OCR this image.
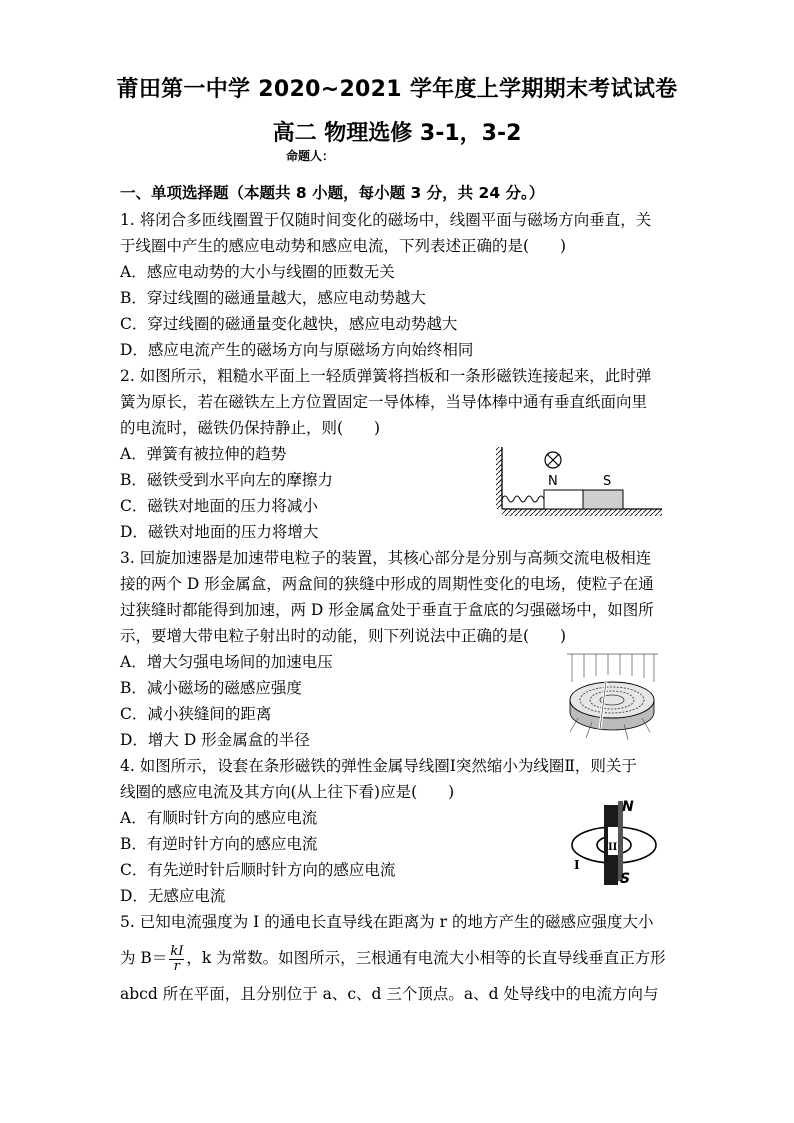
莆田第一中学 2020~2021 学年度上学期期末考试试卷
高二 物理选修 3-1，3-2
命题人：
一、单项选择题（本题共 8 小题，每小题 3 分，共 24 分。）
1. 将闭合多匝线圈置于仅随时间变化的磁场中，线圈平面与磁场方向垂直，关
于线圈中产生的感应电动势和感应电流，下列表述正确的是(　　)
A．感应电动势的大小与线圈的匝数无关
B．穿过线圈的磁通量越大，感应电动势越大
C．穿过线圈的磁通量变化越快，感应电动势越大
D．感应电流产生的磁场方向与原磁场方向始终相同
2. 如图所示，粗糙水平面上一轻质弹簧将挡板和一条形磁铁连接起来，此时弹
簧为原长，若在磁铁左上方位置固定一导体棒，当导体棒中通有垂直纸面向里
的电流时，磁铁仍保持静止，则(　　)
A．弹簧有被拉伸的趋势
B．磁铁受到水平向左的摩擦力
C．磁铁对地面的压力将减小
D．磁铁对地面的压力将增大
N	S
3. 回旋加速器是加速带电粒子的装置，其核心部分是分别与高频交流电极相连
接的两个 D 形金属盒，两盒间的狭缝中形成的周期性变化的电场，使粒子在通
过狭缝时都能得到加速，两 D 形金属盒处于垂直于盒底的匀强磁场中，如图所
示，要增大带电粒子射出时的动能，则下列说法中正确的是(　　)
A．增大匀强电场间的加速电压
B．减小磁场的磁感应强度
C．减小狭缝间的距离
D．增大 D 形金属盒的半径
4. 如图所示，设套在条形磁铁的弹性金属导线圈Ⅰ突然缩小为线圈Ⅱ，则关于
线圈的感应电流及其方向(从上往下看)应是(　　)
A．有顺时针方向的感应电流
B．有逆时针方向的感应电流
C．有先逆时针后顺时针方向的感应电流
D．无感应电流
N
S
I
II
5. 已知电流强度为 I 的通电长直导线在距离为 r 的地方产生的磁感应强度大小
为 $B= \frac{kI}{r}$ ，k 为常数。如图所示，三根通有电流大小相等的长直导线垂直正方形
abcd 所在平面，且分别位于 a、c、d 三个顶点。a、d 处导线中的电流方向与
